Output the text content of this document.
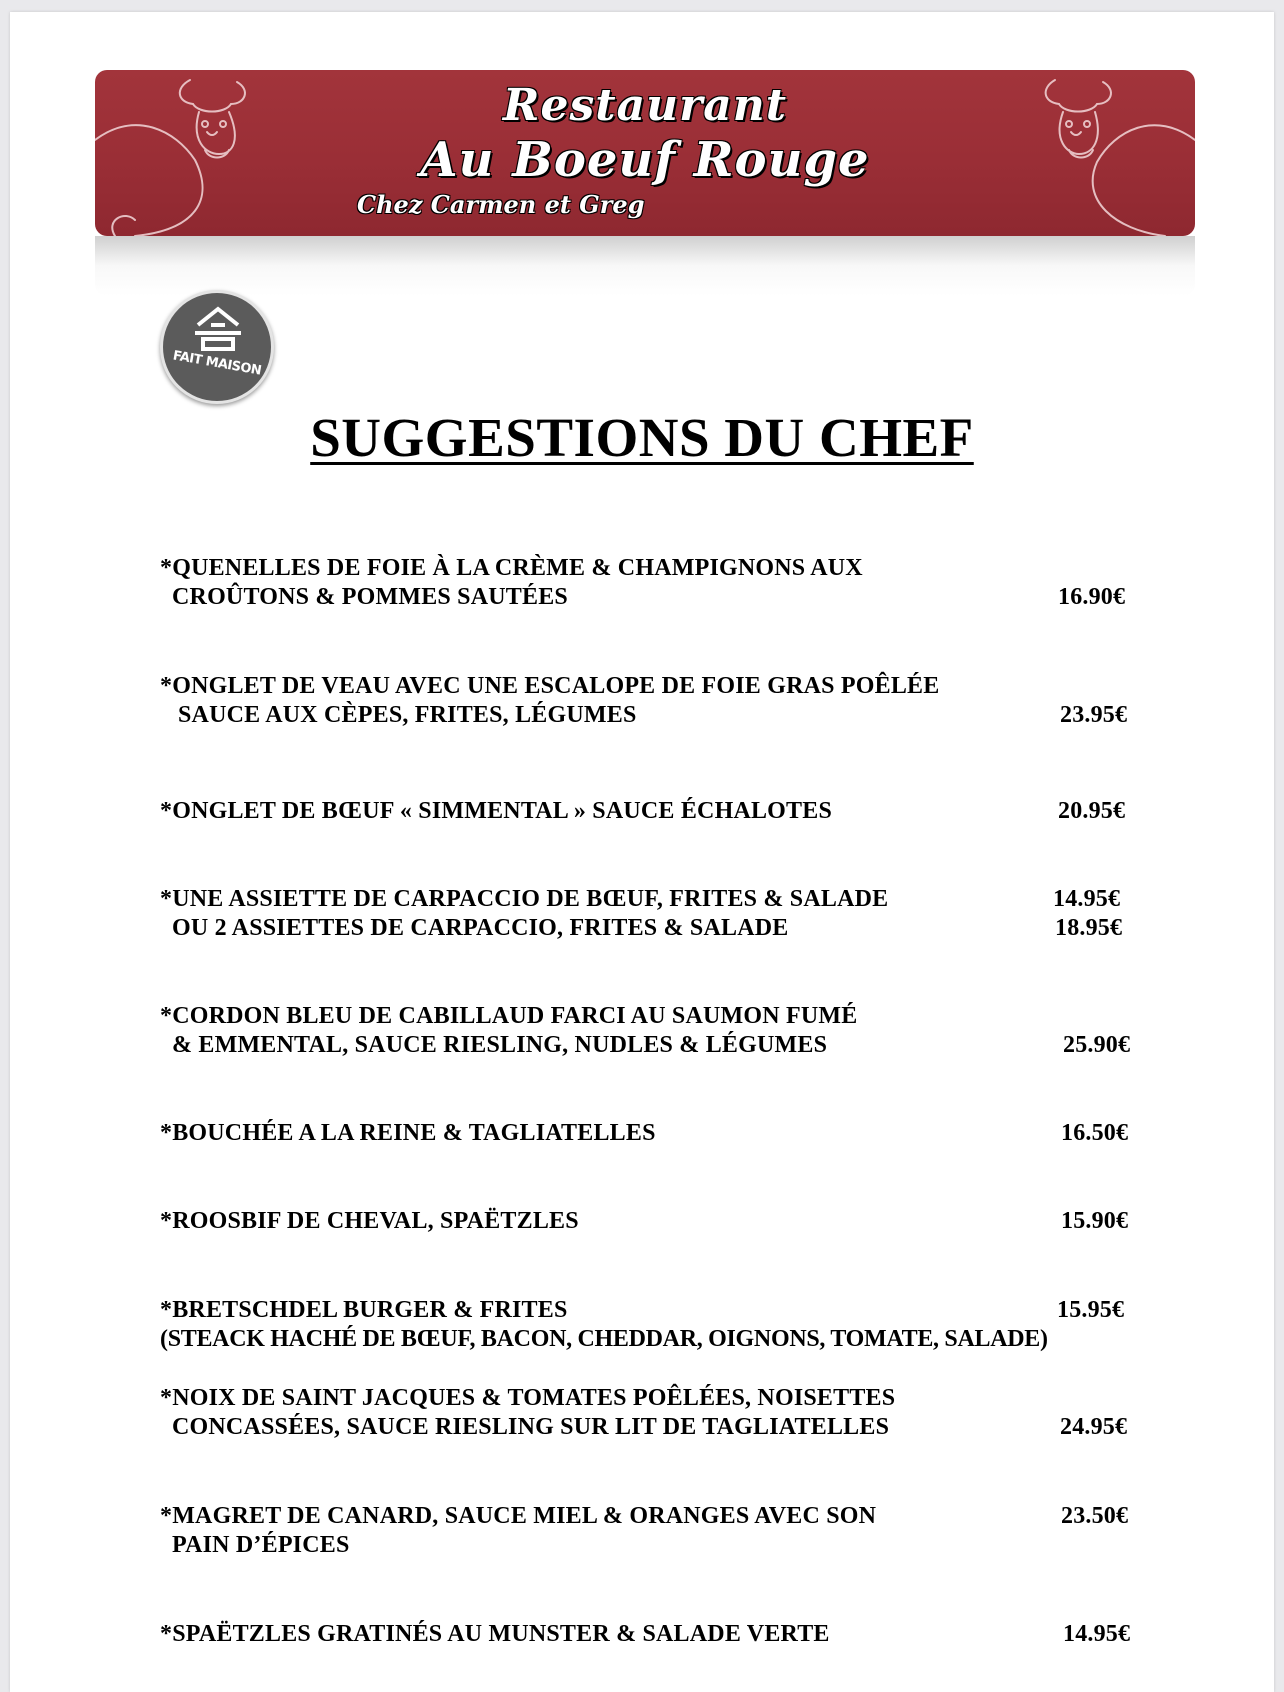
Restaurant
Au Boeuf Rouge
Chez Carmen et Greg
FAIT MAISON
SUGGESTIONS DU CHEF
*QUENELLES DE FOIE À LA CRÈME & CHAMPIGNONS AUX
CROÛTONS & POMMES SAUTÉES	16.90€
*ONGLET DE VEAU AVEC UNE ESCALOPE DE FOIE GRAS POÊLÉE
SAUCE AUX CÈPES, FRITES, LÉGUMES	23.95€
*ONGLET DE BŒUF « SIMMENTAL » SAUCE ÉCHALOTES	20.95€
*UNE ASSIETTE DE CARPACCIO DE BŒUF, FRITES & SALADE	14.95€
OU 2 ASSIETTES DE CARPACCIO, FRITES & SALADE	18.95€
*CORDON BLEU DE CABILLAUD FARCI AU SAUMON FUMÉ
& EMMENTAL, SAUCE RIESLING, NUDLES & LÉGUMES	25.90€
*BOUCHÉE A LA REINE & TAGLIATELLES	16.50€
*ROOSBIF DE CHEVAL, SPAËTZLES	15.90€
*BRETSCHDEL BURGER & FRITES	15.95€
(STEACK HACHÉ DE BŒUF, BACON, CHEDDAR, OIGNONS, TOMATE, SALADE)
*NOIX DE SAINT JACQUES & TOMATES POÊLÉES, NOISETTES
CONCASSÉES, SAUCE RIESLING SUR LIT DE TAGLIATELLES	24.95€
*MAGRET DE CANARD, SAUCE MIEL & ORANGES AVEC SON	23.50€
PAIN D’ÉPICES
*SPAËTZLES GRATINÉS AU MUNSTER & SALADE VERTE	14.95€
